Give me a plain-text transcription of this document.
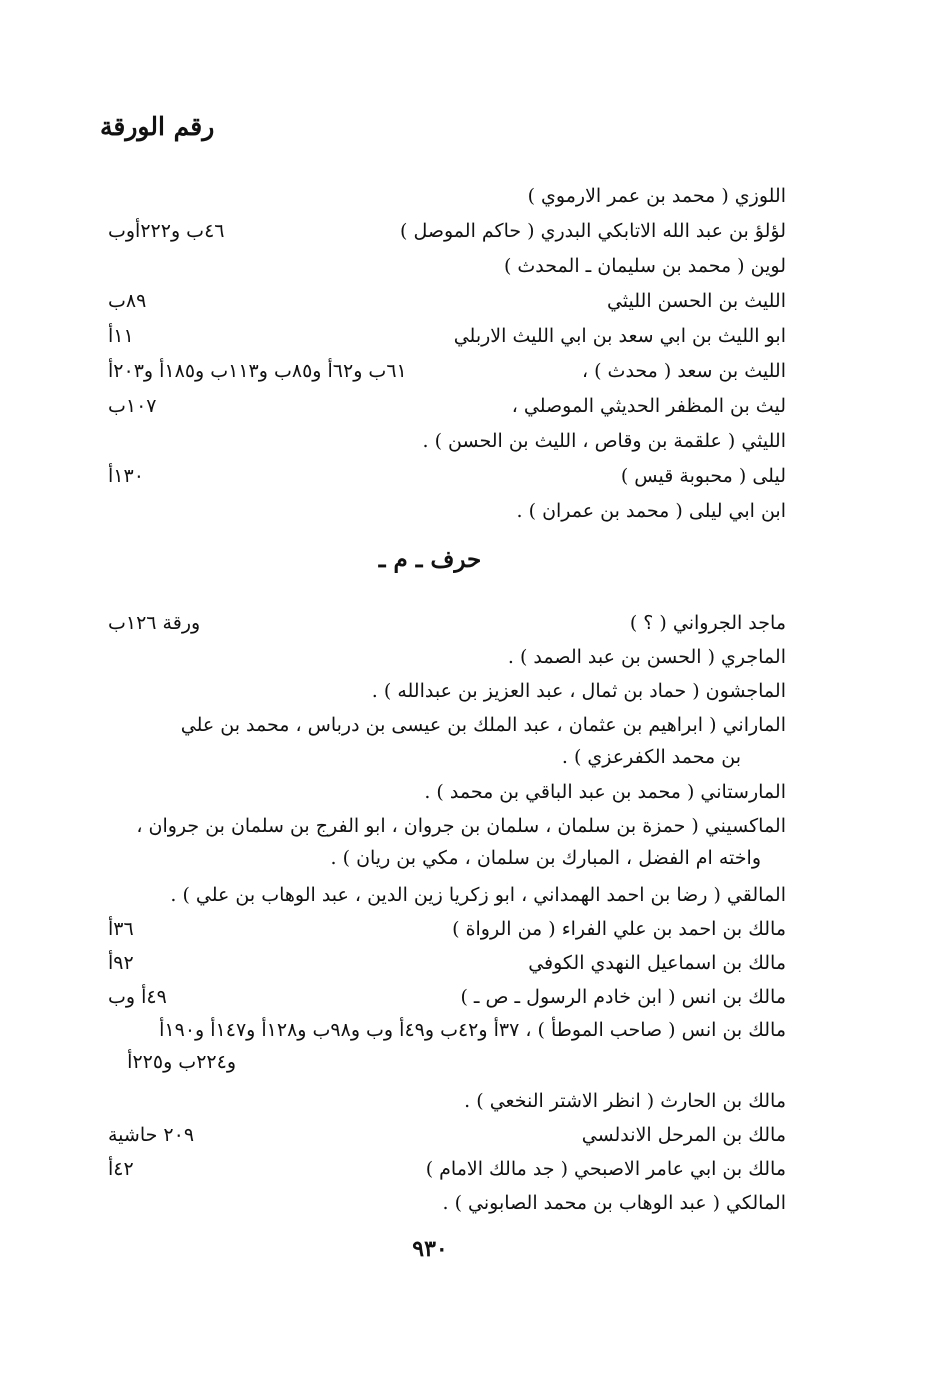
رقم الورقة
اللوزي ( محمد بن عمر الارموي )
لؤلؤ بن عبد الله الاتابكي البدري ( حاكم الموصل )
٤٦ب و٢٢٢أوب
لوين ( محمد بن سليمان ـ المحدث )
الليث بن الحسن الليثي
٨٩ب
ابو الليث بن ابي سعد بن ابي الليث الاربلي
١١أ
الليث بن سعد ( محدث ) ،
٦١ب و٦٢أ و٨٥ب و١١٣ب و١٨٥أ و٢٠٣أ
ليث بن المظفر الحديثي الموصلي ،
١٠٧ب
الليثي ( علقمة بن وقاص ، الليث بن الحسن ) .
ليلى ( محبوبة قيس )
١٣٠أ
ابن ابي ليلى ( محمد بن عمران ) .
حرف ـ م ـ
ماجد الجرواني ( ؟ )
ورقة ١٢٦ب
الماجري ( الحسن بن عبد الصمد ) .
الماجشون ( حماد بن ثمال ، عبد العزيز بن عبدالله ) .
الماراني ( ابراهيم بن عثمان ، عبد الملك بن عيسى بن درباس ، محمد بن علي
بن محمد الكفرعزي ) .
المارستاني ( محمد بن عبد الباقي بن محمد ) .
الماكسيني ( حمزة بن سلمان ، سلمان بن جروان ، ابو الفرج بن سلمان بن جروان ،
واخته ام الفضل ، المبارك بن سلمان ، مكي بن ريان ) .
المالقي ( رضا بن احمد الهمداني ، ابو زكريا زين الدين ، عبد الوهاب بن علي ) .
مالك بن احمد بن علي الفراء ( من الرواة )
٣٦أ
مالك بن اسماعيل النهدي الكوفي
٩٢أ
مالك بن انس ( ابن خادم الرسول ـ ص ـ )
٤٩أ وب
مالك بن انس ( صاحب الموطأ ) ، ٣٧أ و٤٢ب و٤٩أ وب و٩٨ب و١٢٨أ و١٤٧أ و١٩٠أ
و٢٢٤ب و٢٢٥أ
مالك بن الحارث ( انظر الاشتر النخعي ) .
مالك بن المرحل الاندلسي
٢٠٩ حاشية
مالك بن ابي عامر الاصبحي ( جد مالك الامام )
٤٢أ
المالكي ( عبد الوهاب بن محمد الصابوني ) .
٩٣٠
